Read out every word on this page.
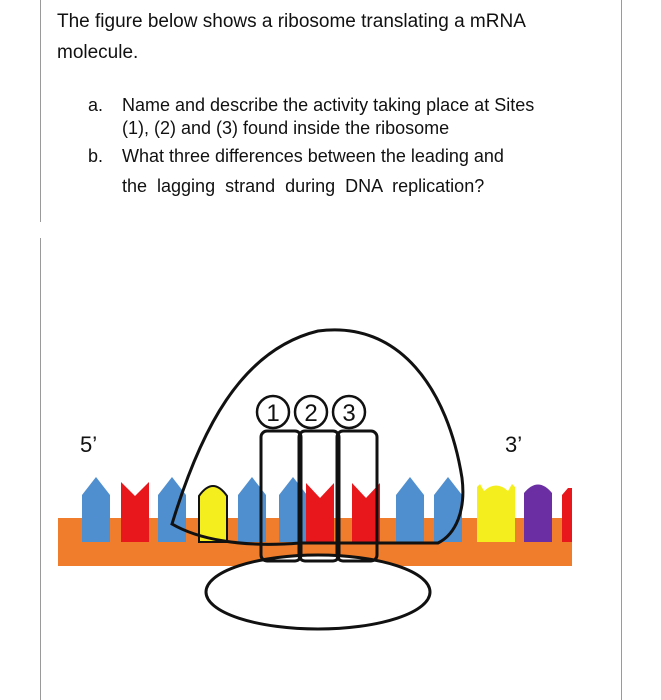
The figure below shows a ribosome translating a mRNA
molecule.
a. Name and describe the activity taking place at Sites
(1), (2) and (3) found inside the ribosome
b. What three differences between the leading and
the lagging strand during DNA replication?
1 2 3
5’	3’
